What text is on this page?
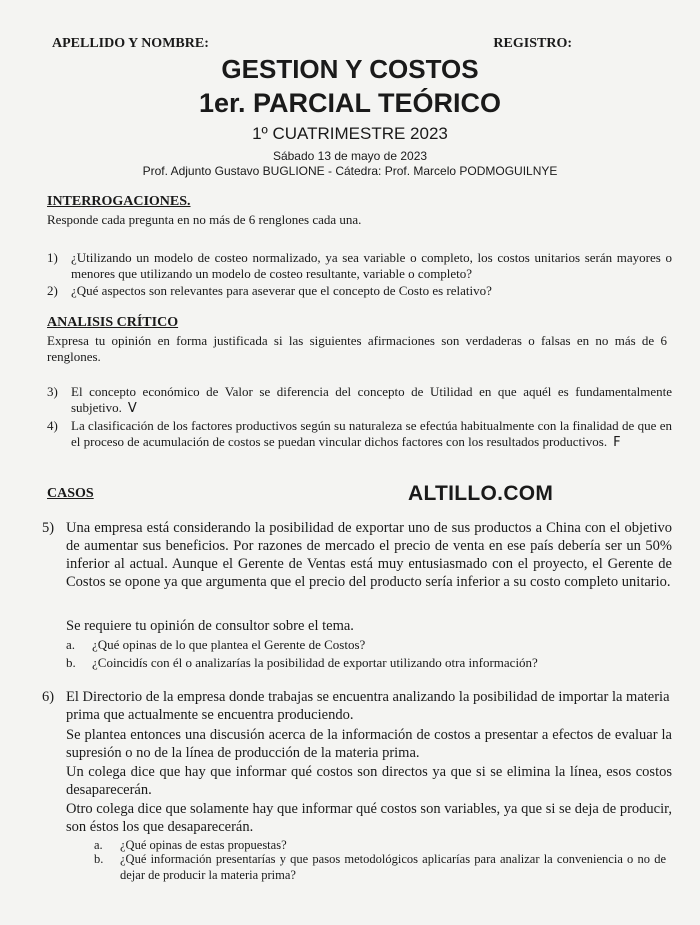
APELLIDO Y NOMBRE:	REGISTRO:
GESTION Y COSTOS
1er. PARCIAL TEÓRICO
1º CUATRIMESTRE 2023
Sábado 13 de mayo de 2023
Prof. Adjunto Gustavo BUGLIONE - Cátedra: Prof. Marcelo PODMOGUILNYE
INTERROGACIONES.
Responde cada pregunta en no más de 6 renglones cada una.
1) ¿Utilizando un modelo de costeo normalizado, ya sea variable o completo, los costos unitarios serán mayores o menores que utilizando un modelo de costeo resultante, variable o completo?
2) ¿Qué aspectos son relevantes para aseverar que el concepto de Costo es relativo?
ANALISIS CRÍTICO
Expresa tu opinión en forma justificada si las siguientes afirmaciones son verdaderas o falsas en no más de 6 renglones.
3) El concepto económico de Valor se diferencia del concepto de Utilidad en que aquél es fundamentalmente subjetivo. V
4) La clasificación de los factores productivos según su naturaleza se efectúa habitualmente con la finalidad de que en el proceso de acumulación de costos se puedan vincular dichos factores con los resultados productivos. F
CASOS	ALTILLO.COM
5) Una empresa está considerando la posibilidad de exportar uno de sus productos a China con el objetivo de aumentar sus beneficios. Por razones de mercado el precio de venta en ese país debería ser un 50% inferior al actual. Aunque el Gerente de Ventas está muy entusiasmado con el proyecto, el Gerente de Costos se opone ya que argumenta que el precio del producto sería inferior a su costo completo unitario.
Se requiere tu opinión de consultor sobre el tema.
a. ¿Qué opinas de lo que plantea el Gerente de Costos?
b. ¿Coincidís con él o analizarías la posibilidad de exportar utilizando otra información?
6) El Directorio de la empresa donde trabajas se encuentra analizando la posibilidad de importar la materia prima que actualmente se encuentra produciendo.
Se plantea entonces una discusión acerca de la información de costos a presentar a efectos de evaluar la supresión o no de la línea de producción de la materia prima.
Un colega dice que hay que informar qué costos son directos ya que si se elimina la línea, esos costos desaparecerán.
Otro colega dice que solamente hay que informar qué costos son variables, ya que si se deja de producir, son éstos los que desaparecerán.
a. ¿Qué opinas de estas propuestas?
b.	¿Qué información presentarías y que pasos metodológicos aplicarías para analizar la conveniencia o no de dejar de producir la materia prima?
